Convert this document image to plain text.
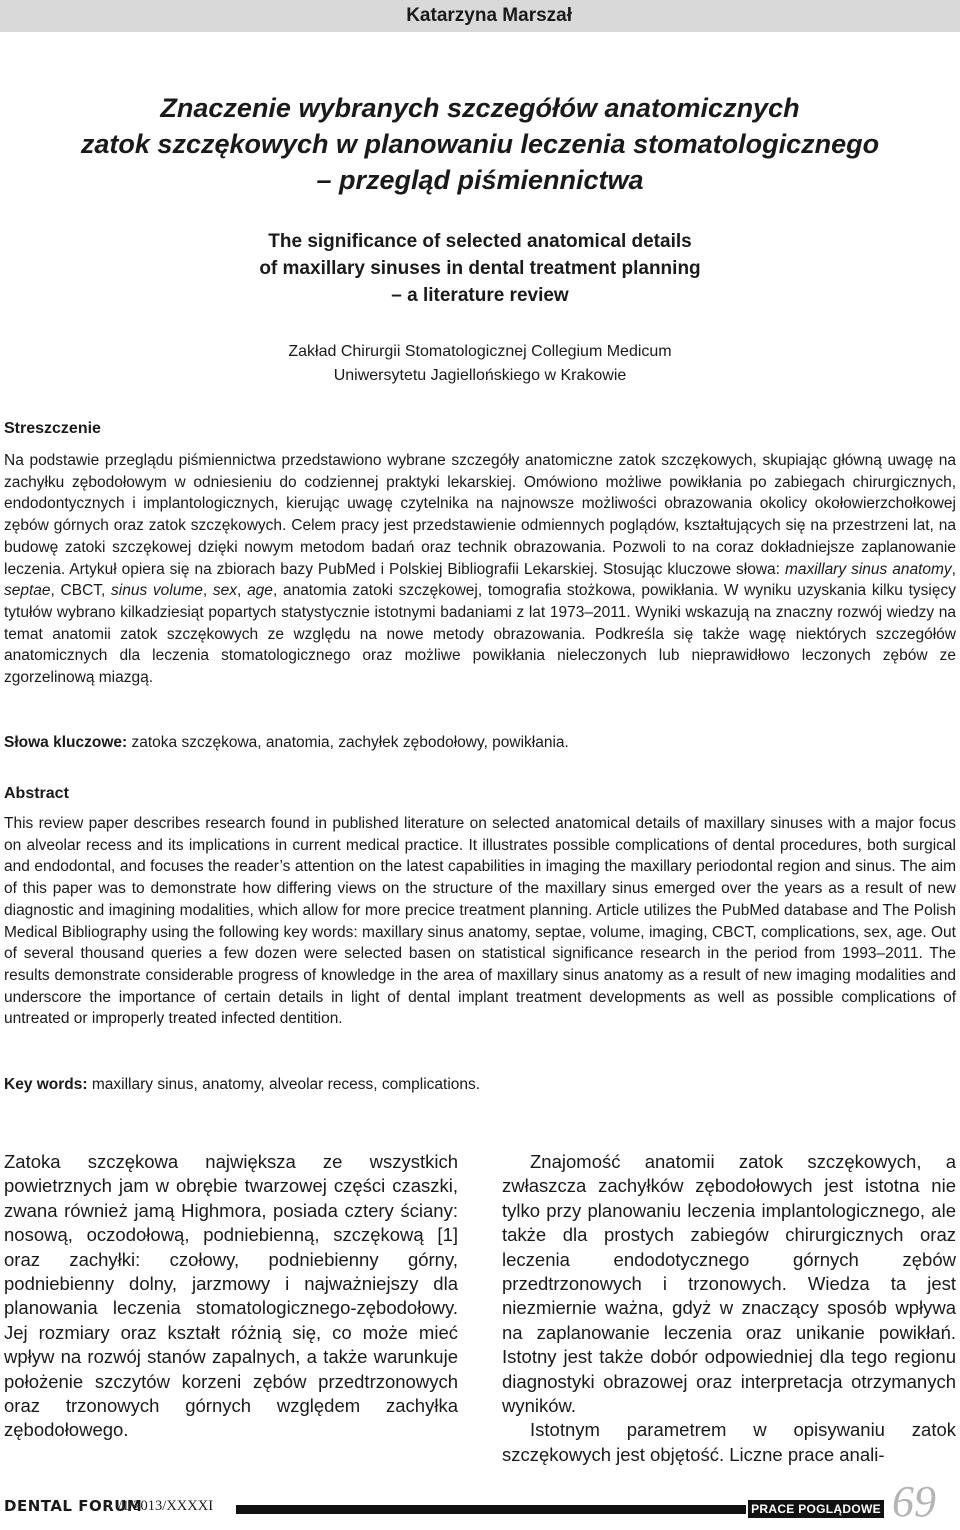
Katarzyna Marszał
Znaczenie wybranych szczegółów anatomicznych
zatok szczękowych w planowaniu leczenia stomatologicznego
– przegląd piśmiennictwa
The significance of selected anatomical details
of maxillary sinuses in dental treatment planning
– a literature review
Zakład Chirurgii Stomatologicznej Collegium Medicum
Uniwersytetu Jagiellońskiego w Krakowie
Streszczenie
Na podstawie przeglądu piśmiennictwa przedstawiono wybrane szczegóły anatomiczne zatok szczękowych, skupiając główną uwagę na zachyłku zębodołowym w odniesieniu do codziennej praktyki lekarskiej. Omówiono możliwe powikłania po zabiegach chirurgicznych, endodontycznych i implantologicznych, kierując uwagę czytelnika na najnowsze możliwości obrazowania okolicy okołowierzchołkowej zębów górnych oraz zatok szczękowych. Celem pracy jest przedstawienie odmiennych poglądów, kształtujących się na przestrzeni lat, na budowę zatoki szczękowej dzięki nowym metodom badań oraz technik obrazowania. Pozwoli to na coraz dokładniejsze zaplanowanie leczenia. Artykuł opiera się na zbiorach bazy PubMed i Polskiej Bibliografii Lekarskiej. Stosując kluczowe słowa: maxillary sinus anatomy, septae, CBCT, sinus volume, sex, age, anatomia zatoki szczękowej, tomografia stożkowa, powikłania. W wyniku uzyskania kilku tysięcy tytułów wybrano kilkadziesiąt popartych statystycznie istotnymi badaniami z lat 1973–2011. Wyniki wskazują na znaczny rozwój wiedzy na temat anatomii zatok szczękowych ze względu na nowe metody obrazowania. Podkreśla się także wagę niektórych szczegółów anatomicznych dla leczenia stomatologicznego oraz możliwe powikłania nieleczonych lub nieprawidłowo leczonych zębów ze zgorzelinową miazgą.
Słowa kluczowe: zatoka szczękowa, anatomia, zachyłek zębodołowy, powikłania.
Abstract
This review paper describes research found in published literature on selected anatomical details of maxillary sinuses with a major focus on alveolar recess and its implications in current medical practice. It illustrates possible complications of dental procedures, both surgical and endodontal, and focuses the reader’s attention on the latest capabilities in imaging the maxillary periodontal region and sinus. The aim of this paper was to demonstrate how differing views on the structure of the maxillary sinus emerged over the years as a result of new diagnostic and imagining modalities, which allow for more precice treatment planning. Article utilizes the PubMed database and The Polish Medical Bibliography using the following key words: maxillary sinus anatomy, septae, volume, imaging, CBCT, complications, sex, age. Out of several thousand queries a few dozen were selected basen on statistical significance research in the period from 1993–2011. The results demonstrate considerable progress of knowledge in the area of maxillary sinus anatomy as a result of new imaging modalities and underscore the importance of certain details in light of dental implant treatment developments as well as possible complications of untreated or improperly treated infected dentition.
Key words: maxillary sinus, anatomy, alveolar recess, complications.

Zatoka szczękowa największa ze wszystkich powietrznych jam w obrębie twarzowej części czaszki, zwana również jamą Highmora, posiada cztery ściany: nosową, oczodołową, podniebienną, szczękową [1] oraz zachyłki: czołowy, podniebienny górny, podniebienny dolny, jarzmowy i najważniejszy dla planowania leczenia stomatologicznego-zębodołowy. Jej rozmiary oraz kształt różnią się, co może mieć wpływ na rozwój stanów zapalnych, a także warunkuje położenie szczytów korzeni zębów przedtrzonowych oraz trzonowych górnych względem zachyłka zębodołowego.

Znajomość anatomii zatok szczękowych, a zwłaszcza zachyłków zębodołowych jest istotna nie tylko przy planowaniu leczenia implantologicznego, ale także dla prostych zabiegów chirurgicznych oraz leczenia endodotycznego górnych zębów przedtrzonowych i trzonowych. Wiedza ta jest niezmiernie ważna, gdyż w znaczący sposób wpływa na zaplanowanie leczenia oraz unikanie powikłań. Istotny jest także dobór odpowiedniej dla tego regionu diagnostyki obrazowej oraz interpretacja otrzymanych wyników.

Istotnym parametrem w opisywaniu zatok szczękowych jest objętość. Liczne prace anali-

DENTAL FORUM
/1/2013/XXXXI	PRACE POGLĄDOWE 69
